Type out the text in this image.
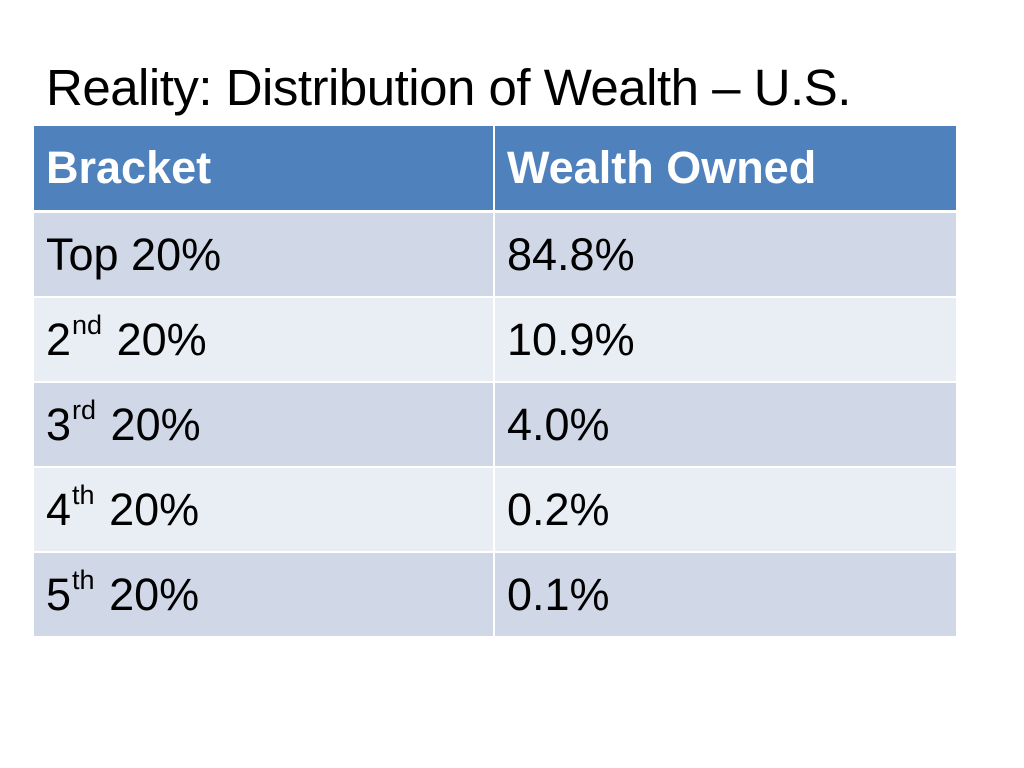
Reality: Distribution of Wealth – U.S.
Bracket	Wealth Owned
Top 20%	84.8%
2nd 20%	10.9%
3rd 20%	4.0%
4th 20%	0.2%
5th 20%	0.1%
